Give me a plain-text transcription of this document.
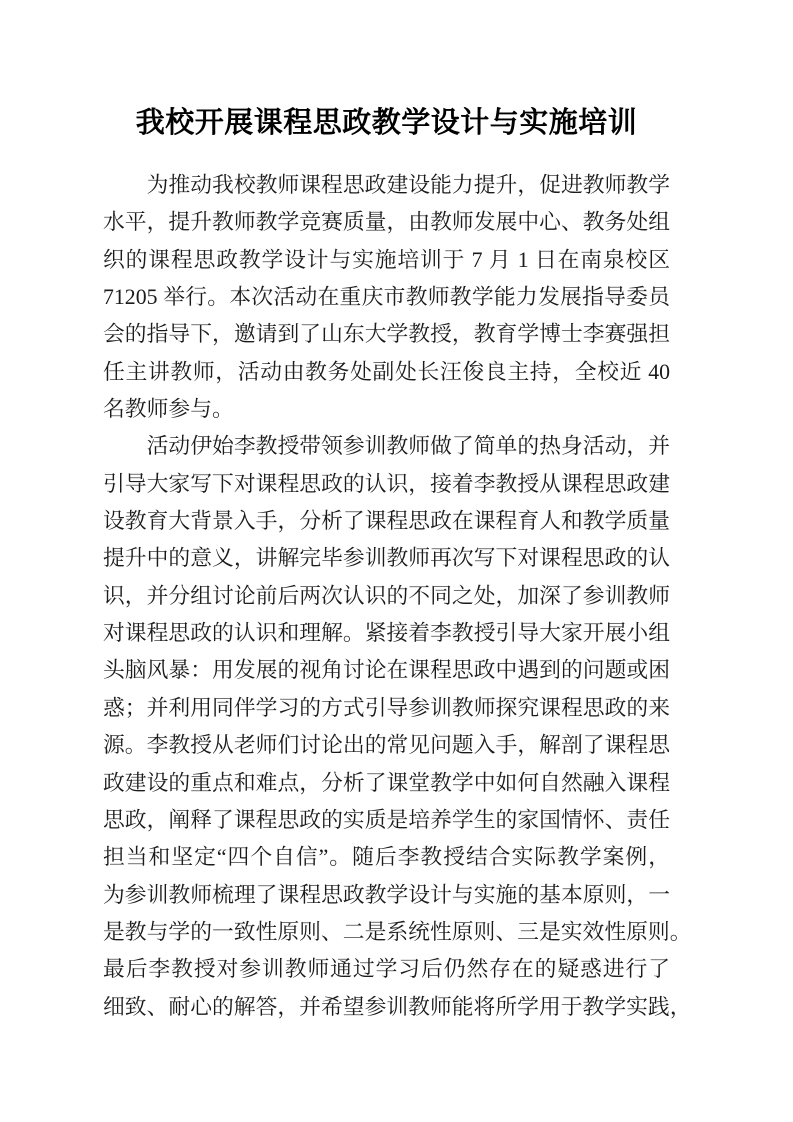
我校开展课程思政教学设计与实施培训
为推动我校教师课程思政建设能力提升，促进教师教学
水平，提升教师教学竞赛质量，由教师发展中心、教务处组
织的课程思政教学设计与实施培训于 7 月 1 日在南泉校区
71205 举行。本次活动在重庆市教师教学能力发展指导委员
会的指导下，邀请到了山东大学教授，教育学博士李赛强担
任主讲教师，活动由教务处副处长汪俊良主持，全校近 40
名教师参与。
活动伊始李教授带领参训教师做了简单的热身活动，并
引导大家写下对课程思政的认识，接着李教授从课程思政建
设教育大背景入手，分析了课程思政在课程育人和教学质量
提升中的意义，讲解完毕参训教师再次写下对课程思政的认
识，并分组讨论前后两次认识的不同之处，加深了参训教师
对课程思政的认识和理解。紧接着李教授引导大家开展小组
头脑风暴：用发展的视角讨论在课程思政中遇到的问题或困
惑；并利用同伴学习的方式引导参训教师探究课程思政的来
源。李教授从老师们讨论出的常见问题入手，解剖了课程思
政建设的重点和难点，分析了课堂教学中如何自然融入课程
思政，阐释了课程思政的实质是培养学生的家国情怀、责任
担当和坚定“四个自信”。随后李教授结合实际教学案例，
为参训教师梳理了课程思政教学设计与实施的基本原则，一
是教与学的一致性原则、二是系统性原则、三是实效性原则。
最后李教授对参训教师通过学习后仍然存在的疑惑进行了
细致、耐心的解答，并希望参训教师能将所学用于教学实践，
